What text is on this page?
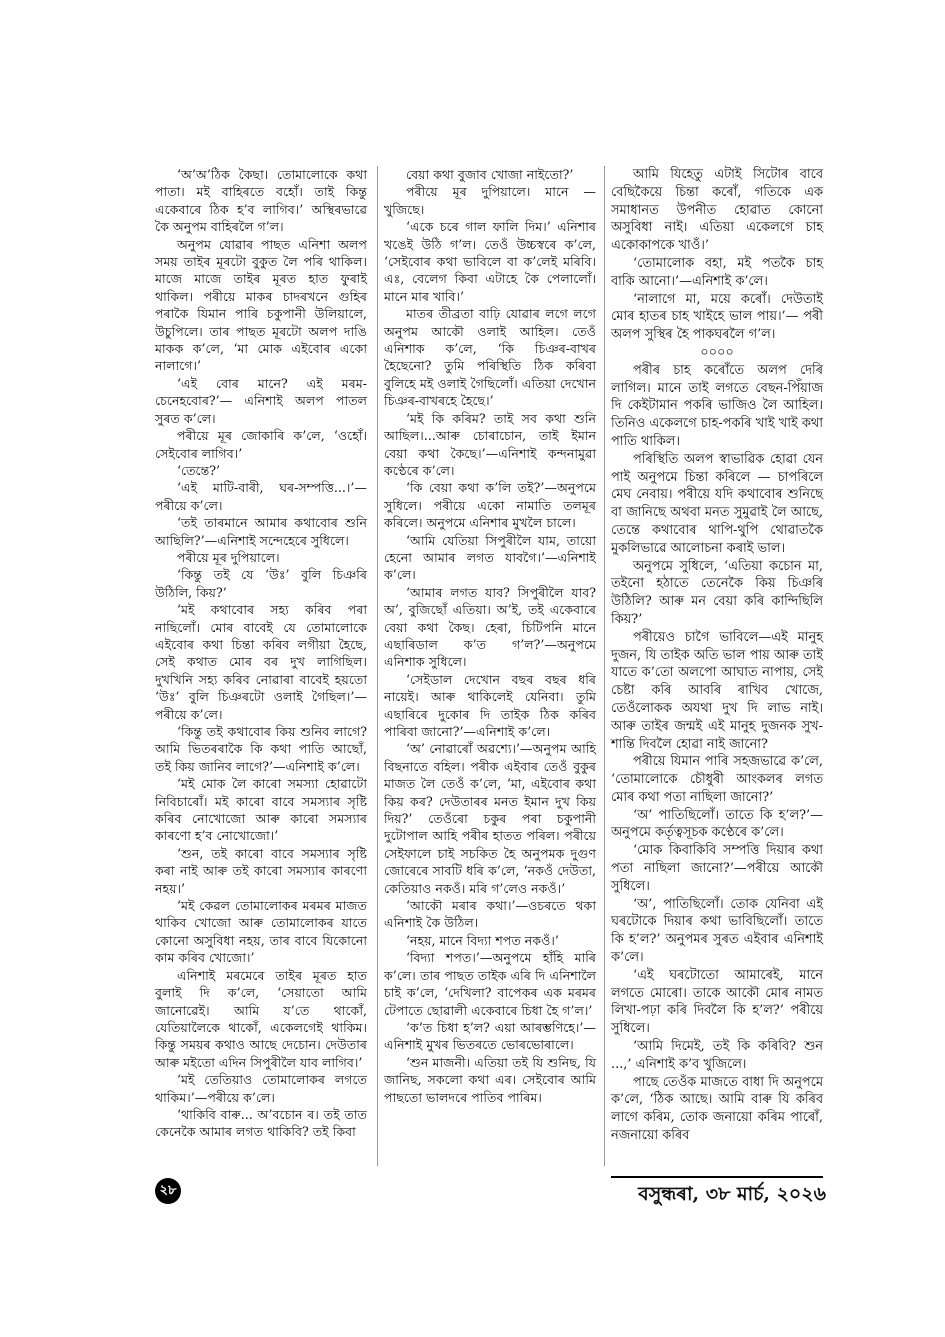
‘অ’অ’ঠিক কৈছা। তোমালোকে কথা পাতা। মই বাহিৰতে বহোঁ। তাই কিন্তু একেবাৰে ঠিক হ’ব লাগিব।’ অস্থিৰভাৱে কৈ অনুপম বাহিৰলৈ গ’ল।

অনুপম যোৱাৰ পাছত এনিশা অলপ সময় তাইৰ মূৰটো বুকুত লৈ পৰি থাকিল। মাজে মাজে তাইৰ মূৰত হাত ফুৰাই থাকিল। পৰীয়ে মাকৰ চাদৰখনে গুহিৰ পৰাকৈ যিমান পাৰি চকুপানী উলিয়ালে, উচুপিলে। তাৰ পাছত মূৰটো অলপ দাঙি মাকক ক’লে, ‘মা মোক এইবোৰ একো নালাগে।’

‘এই বোৰ মানে? এই মৰম-চেনেহবোৰ?’— এনিশাই অলপ পাতল সুৰত ক’লে।

পৰীয়ে মূৰ জোকাৰি ক’লে, ‘ওহোঁ। সেইবোৰ লাগিব।’

‘তেন্তে?’

‘এই মাটি-বাৰী, ঘৰ-সম্পত্তি...।’— পৰীয়ে ক’লে।

‘তই তাৰমানে আমাৰ কথাবোৰ শুনি আছিলি?’—এনিশাই সন্দেহেৰে সুধিলে।

পৰীয়ে মূৰ দুপিয়ালে।

‘কিন্তু তই যে ‘উঃ’ বুলি চিঞৰি উঠিলি, কিয়?’

‘মই কথাবোৰ সহ্য কৰিব পৰা নাছিলোঁ। মোৰ বাবেই যে তোমালোকে এইবোৰ কথা চিন্তা কৰিব লগীয়া হৈছে, সেই কথাত মোৰ বৰ দুখ লাগিছিল। দুখখিনি সহ্য কৰিব নোৱাৰা বাবেই হয়তো ‘উঃ’ বুলি চিঞৰটো ওলাই গৈছিল।’— পৰীয়ে ক’লে।

‘কিন্তু তই কথাবোৰ কিয় শুনিব লাগে? আমি ভিতৰৰাকৈ কি কথা পাতি আছোঁ, তই কিয় জানিব লাগে?’—এনিশাই ক’লে।

‘মই মোক লৈ কাৰো সমস্যা হোৱাটো নিবিচাৰোঁ। মই কাৰো বাবে সমস্যাৰ সৃষ্টি কৰিব নোখোজো আৰু কাৰো সমস্যাৰ কাৰণো হ’ব নোখোজো।’

‘শুন, তই কাৰো বাবে সমস্যাৰ সৃষ্টি কৰা নাই আৰু তই কাৰো সমস্যাৰ কাৰণো নহয়।’

‘মই কেৱল তোমালোকৰ মৰমৰ মাজত থাকিব খোজো আৰু তোমালোকৰ যাতে কোনো অসুবিধা নহয়, তাৰ বাবে যিকোনো কাম কৰিব খোজো।’

এনিশাই মৰমেৰে তাইৰ মূৰত হাত বুলাই দি ক’লে, ‘সেয়াতো আমি জানোৱেই। আমি য’তে থাকোঁ, যেতিয়ালৈকে থাকোঁ, একেলগেই থাকিম। কিন্তু সময়ৰ কথাও আছে দেচোন। দেউতাৰ আৰু মইতো এদিন সিপুৰীলৈ যাব লাগিব।’

‘মই তেতিয়াও তোমালোকৰ লগতে থাকিম।’—পৰীয়ে ক’লে।

‘থাকিবি বাৰু... অ’বচোন ৰ। তই তাত কেনেকৈ আমাৰ লগত থাকিবি? তই কিবা

বেয়া কথা বুজাব খোজা নাইতো?’

পৰীয়ে মূৰ দুপিয়ালে। মানে — খুজিছে।

‘একে চৰে গাল ফালি দিম।’ এনিশাৰ খঙেই উঠি গ’ল। তেওঁ উচ্চস্বৰে ক’লে, ‘সেইবোৰ কথা ভাবিলে বা ক’লেই মৰিবি। এঃ, বেলেগ কিবা এটাহে কৈ পেলালোঁ। মানে মাৰ খাবি।’

মাতৰ তীব্ৰতা বাঢ়ি যোৱাৰ লগে লগে অনুপম আকৌ ওলাই আহিল। তেওঁ এনিশাক ক’লে, ‘কি চিঞৰ-বাখৰ হৈছেনো? তুমি পৰিস্থিতি ঠিক কৰিবা বুলিহে মই ওলাই গৈছিলোঁ। এতিয়া দেখোন চিঞৰ-বাখৰহে হৈছে।’

‘মই কি কৰিম? তাই সব কথা শুনি আছিল।...আৰু চোৰাচোন, তাই ইমান বেয়া কথা কৈছে।’—এনিশাই কন্দনামুৱা কণ্ঠেৰে ক’লে।

‘কি বেয়া কথা ক’লি তই?’—অনুপমে সুধিলে। পৰীয়ে একো নামাতি তলমূৰ কৰিলে। অনুপমে এনিশাৰ মুখলৈ চালে।

‘আমি যেতিয়া সিপুৰীলৈ যাম, তায়ো হেনো আমাৰ লগত যাবগৈ।’—এনিশাই ক’লে।

‘আমাৰ লগত যাব? সিপুৰীলৈ যাব? অ’, বুজিছোঁ এতিয়া। অ’ই, তই একেবাৰে বেয়া কথা কৈছ। হেৰা, চিটিপনি মানে এছাৰিডাল ক’ত গ’ল?’—অনুপমে এনিশাক সুধিলে।

‘সেইডাল দেখোন বছৰ বছৰ ধৰি নায়েই। আৰু থাকিলেই যেনিবা। তুমি এছাৰিৰে দুকোৰ দি তাইক ঠিক কৰিব পাৰিবা জানো?’—এনিশাই ক’লে।

‘অ’ নোৱাৰোঁ অৱশ্যে।’—অনুপম আহি বিছনাতে বহিল। পৰীক এইবাৰ তেওঁ বুকুৰ মাজত লৈ তেওঁ ক’লে, ‘মা, এইবোৰ কথা কিয় কৰ? দেউতাৰৰ মনত ইমান দুখ কিয় দিয়?’ তেওঁৰো চকুৰ পৰা চকুপানী দুটোপাল আহি পৰীৰ হাতত পৰিল। পৰীয়ে সেইফালে চাই সচকিত হৈ অনুপমক দুগুণ জোৰেৰে সাবটি ধৰি ক’লে, ‘নকওঁ দেউতা, কেতিয়াও নকওঁ। মৰি গ’লেও নকওঁ।’

‘আকৌ মৰাৰ কথা।’—ওচৰতে থকা এনিশাই কৈ উঠিল।

‘নহয়, মানে বিদ্যা শপত নকওঁ।’

‘বিদ্যা শপত।’—অনুপমে হাঁহি মাৰি ক’লে। তাৰ পাছত তাইক এৰি দি এনিশালৈ চাই ক’লে, ‘দেখিলা? বাপেকৰ এক মৰমৰ টেপাতে ছোৱালী একেবাৰে চিধা হৈ গ’ল।’

‘ক’ত চিধা হ’ল? এয়া আৰম্ভণিহে।’— এনিশাই মুখৰ ভিতৰতে ভোৰভোৰালে।

‘শুন মাজনী। এতিয়া তই যি শুনিছ, যি জানিছ, সকলো কথা এৰ। সেইবোৰ আমি পাছতো ভালদৰে পাতিব পাৰিম।

আমি যিহেতু এটাই সিটোৰ বাবে বেছিকৈয়ে চিন্তা কৰোঁ, গতিকে এক সমাধানত উপনীত হোৱাত কোনো অসুবিধা নাই। এতিয়া একেলগে চাহ একোকাপকে খাওঁ।’

‘তোমালোক বহা, মই পতকৈ চাহ বাকি আনো।’—এনিশাই ক’লে।

‘নালাগে মা, ময়ে কৰোঁ। দেউতাই মোৰ হাতৰ চাহ খাইহে ভাল পায়।’— পৰী অলপ সুস্থিৰ হৈ পাকঘৰলৈ গ’ল।

০০০০

পৰীৰ চাহ কৰোঁতে অলপ দেৰি লাগিল। মানে তাই লগতে বেছন-পিঁয়াজ দি কেইটামান পকৰি ভাজিও লৈ আহিল। তিনিও একেলগে চাহ-পকৰি খাই খাই কথা পাতি থাকিল।

পৰিস্থিতি অলপ স্বাভাৱিক হোৱা যেন পাই অনুপমে চিন্তা কৰিলে — চাপৰিলে মেঘ নেবায়। পৰীয়ে যদি কথাবোৰ শুনিছে বা জানিছে অথবা মনত সুমুৱাই লৈ আছে, তেন্তে কথাবোৰ থাপি-থুপি থোৱাতকৈ মুকলিভাৱে আলোচনা কৰাই ভাল।

অনুপমে সুধিলে, ‘এতিয়া কচোন মা, তইনো হঠাতে তেনেকৈ কিয় চিঞৰি উঠিলি? আৰু মন বেয়া কৰি কান্দিছিলি কিয়?’

পৰীয়েও চাগৈ ভাবিলে—এই মানুহ দুজন, যি তাইক অতি ভাল পায় আৰু তাই যাতে ক’তো অলপো আঘাত নাপায়, সেই চেষ্টা কৰি আবৰি ৰাখিব খোজে, তেওঁলোকক অযথা দুখ দি লাভ নাই। আৰু তাইৰ জন্মই এই মানুহ দুজনক সুখ-শান্তি দিবলৈ হোৱা নাই জানো?

পৰীয়ে যিমান পাৰি সহজভাৱে ক’লে, ‘তোমালোকে চৌধুৰী আংকলৰ লগত মোৰ কথা পতা নাছিলা জানো?’

‘অ’ পাতিছিলোঁ। তাতে কি হ’ল?’— অনুপমে কৰ্তৃত্বসূচক কণ্ঠেৰে ক’লে।

‘মোক কিবাকিবি সম্পত্তি দিয়াৰ কথা পতা নাছিলা জানো?’—পৰীয়ে আকৌ সুধিলে।

‘অ’, পাতিছিলোঁ। তোক যেনিবা এই ঘৰটোকে দিয়াৰ কথা ভাবিছিলোঁ। তাতে কি হ’ল?’ অনুপমৰ সুৰত এইবাৰ এনিশাই ক’লে।

‘এই ঘৰটোতো আমাৰেই, মানে লগতে মোৰো। তাকে আকৌ মোৰ নামত লিখা-পঢ়া কৰি দিবলৈ কি হ’ল?’ পৰীয়ে সুধিলে।

‘আমি দিমেই, তই কি কৰিবি? শুন ...,’ এনিশাই ক’ব খুজিলে।

পাছে তেওঁক মাজতে বাধা দি অনুপমে ক’লে, ‘ঠিক আছে। আমি বাৰু যি কৰিব লাগে কৰিম, তোক জনায়ো কৰিম পাৰোঁ, নজনায়ো কৰিব

২৮	বসুন্ধৰা, ৩৮ মাৰ্চ, ২০২৬
